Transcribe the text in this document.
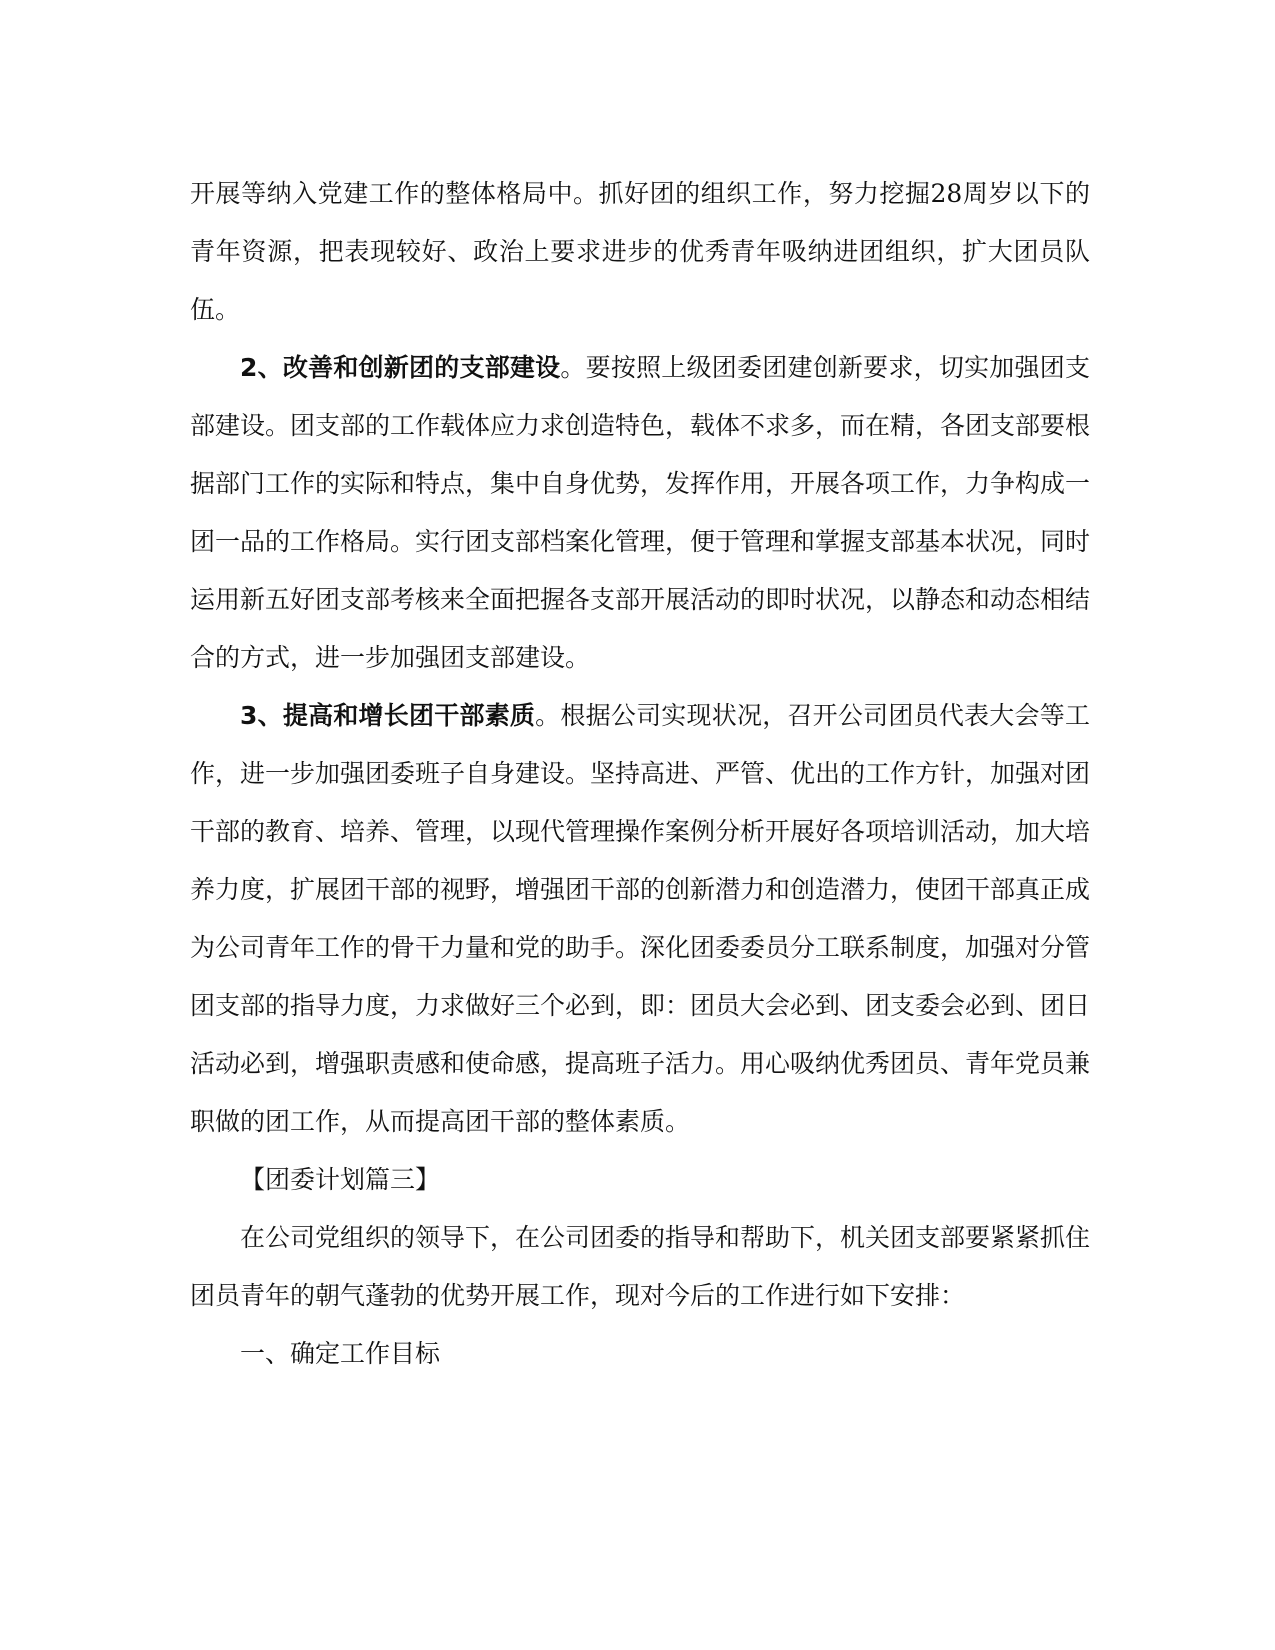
开展等纳入党建工作的整体格局中。抓好团的组织工作，努力挖掘28周岁以下的青年资源，把表现较好、政治上要求进步的优秀青年吸纳进团组织，扩大团员队伍。

2、改善和创新团的支部建设。要按照上级团委团建创新要求，切实加强团支部建设。团支部的工作载体应力求创造特色，载体不求多，而在精，各团支部要根据部门工作的实际和特点，集中自身优势，发挥作用，开展各项工作，力争构成一团一品的工作格局。实行团支部档案化管理，便于管理和掌握支部基本状况，同时运用新五好团支部考核来全面把握各支部开展活动的即时状况，以静态和动态相结合的方式，进一步加强团支部建设。

3、提高和增长团干部素质。根据公司实现状况，召开公司团员代表大会等工作，进一步加强团委班子自身建设。坚持高进、严管、优出的工作方针，加强对团干部的教育、培养、管理，以现代管理操作案例分析开展好各项培训活动，加大培养力度，扩展团干部的视野，增强团干部的创新潜力和创造潜力，使团干部真正成为公司青年工作的骨干力量和党的助手。深化团委委员分工联系制度，加强对分管团支部的指导力度，力求做好三个必到，即：团员大会必到、团支委会必到、团日活动必到，增强职责感和使命感，提高班子活力。用心吸纳优秀团员、青年党员兼职做的团工作，从而提高团干部的整体素质。

【团委计划篇三】

在公司党组织的领导下，在公司团委的指导和帮助下，机关团支部要紧紧抓住团员青年的朝气蓬勃的优势开展工作，现对今后的工作进行如下安排：

一、确定工作目标
